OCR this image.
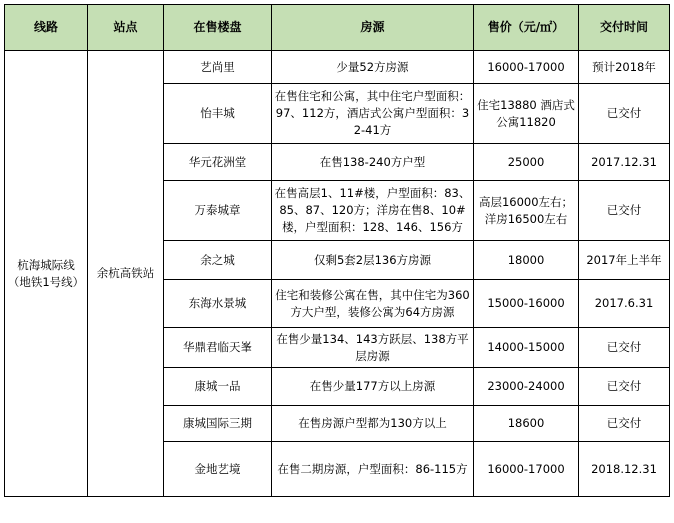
线路	站点	在售楼盘	房源	售价（元/㎡）	交付时间
杭海城际线（地铁1号线）	余杭高铁站	艺尚里	少量52方房源	16000-17000	预计2018年
		怡丰城	在售住宅和公寓，其中住宅户型面积：97、112方，酒店式公寓户型面积：32-41方	住宅13880 酒店式公寓11820	已交付
		华元花洲堂	在售138-240方户型	25000	2017.12.31
		万泰城章	在售高层1、11#楼，户型面积：83、85、87、120方；洋房在售8、10#楼，户型面积：128、146、156方	高层16000左右；洋房16500左右	已交付
		余之城	仅剩5套2层136方房源	18000	2017年上半年
		东海水景城	住宅和装修公寓在售，其中住宅为360方大户型，装修公寓为64方房源	15000-16000	2017.6.31
		华鼎君临天峯	在售少量134、143方跃层、138方平层房源	14000-15000	已交付
		康城一品	在售少量177方以上房源	23000-24000	已交付
		康城国际三期	在售房源户型都为130方以上	18600	已交付
		金地艺境	在售二期房源，户型面积：86-115方	16000-17000	2018.12.31
